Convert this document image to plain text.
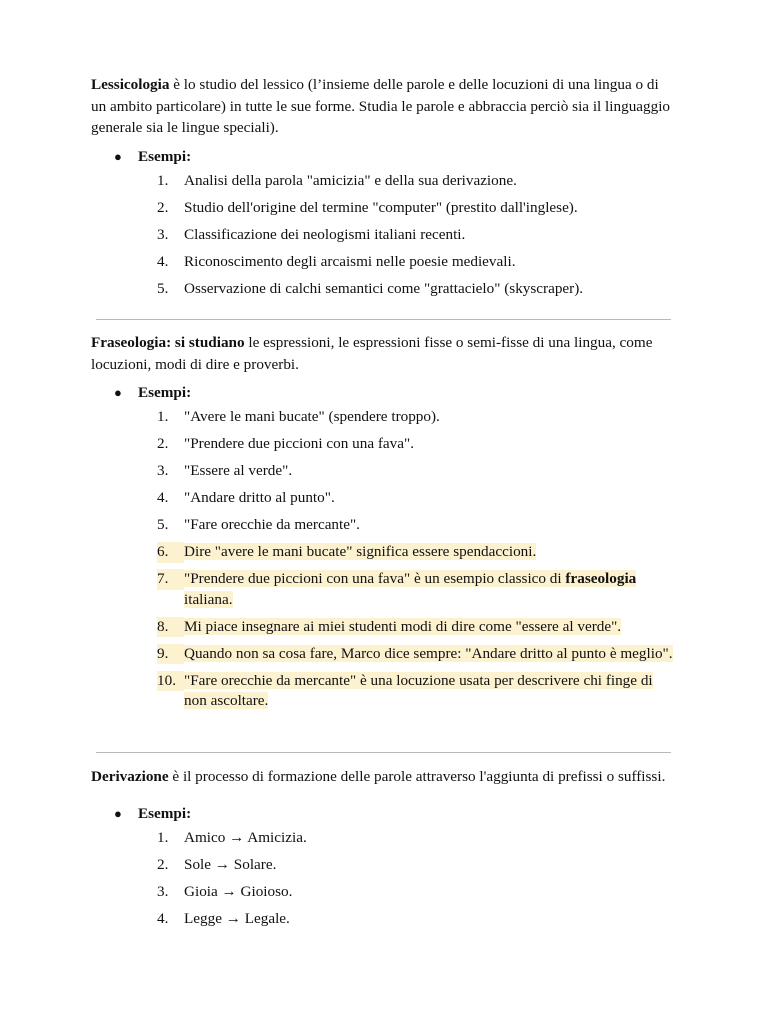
Lessicologia è lo studio del lessico (l’insieme delle parole e delle locuzioni di una lingua o di un ambito particolare) in tutte le sue forme. Studia le parole e abbraccia perciò sia il linguaggio generale sia le lingue speciali).

● Esempi:
1.	Analisi della parola "amicizia" e della sua derivazione.
2.	Studio dell'origine del termine "computer" (prestito dall'inglese).
3.	Classificazione dei neologismi italiani recenti.
4.	Riconoscimento degli arcaismi nelle poesie medievali.
5.	Osservazione di calchi semantici come "grattacielo" (skyscraper).

Fraseologia: si studiano le espressioni, le espressioni fisse o semi-fisse di una lingua, come locuzioni, modi di dire e proverbi.

● Esempi:
1.	"Avere le mani bucate" (spendere troppo).
2.	"Prendere due piccioni con una fava".
3.	"Essere al verde".
4.	"Andare dritto al punto".
5.	"Fare orecchie da mercante".
6.	Dire "avere le mani bucate" significa essere spendaccioni.
7.	"Prendere due piccioni con una fava" è un esempio classico di fraseologia italiana.
8.	Mi piace insegnare ai miei studenti modi di dire come "essere al verde".
9.	Quando non sa cosa fare, Marco dice sempre: "Andare dritto al punto è meglio".
10. "Fare orecchie da mercante" è una locuzione usata per descrivere chi finge di non ascoltare.

Derivazione è il processo di formazione delle parole attraverso l'aggiunta di prefissi o suffissi.

● Esempi:
1.	Amico → Amicizia.
2.	Sole → Solare.
3.	Gioia → Gioioso.
4.	Legge → Legale.
